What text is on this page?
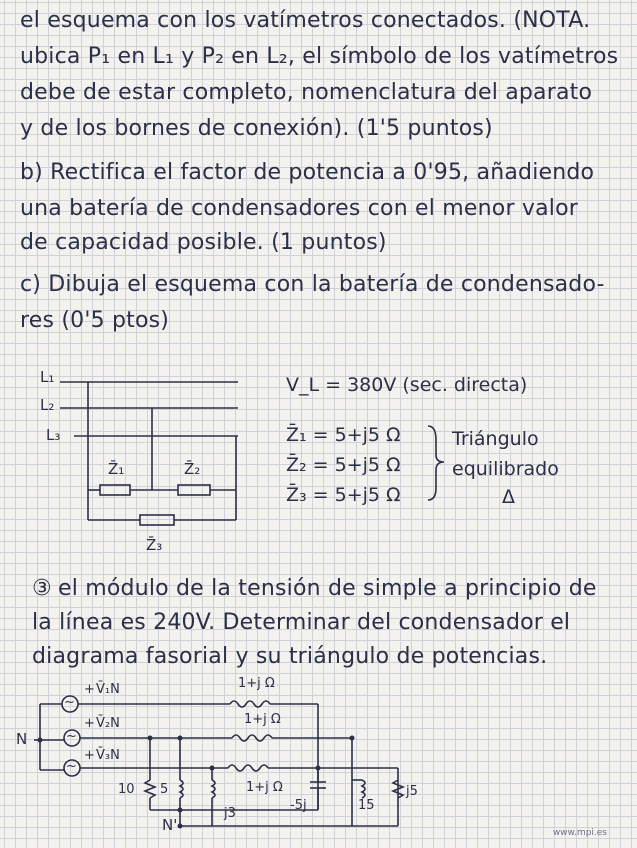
el esquema con los vatímetros conectados. (NOTA.
ubica P₁ en L₁ y P₂ en L₂, el símbolo de los vatímetros
debe de estar completo, nomenclatura del aparato
y de los bornes de conexión). (1'5 puntos)
b) Rectifica el factor de potencia a 0'95, añadiendo
una batería de condensadores con el menor valor
de capacidad posible. (1 puntos)
c) Dibuja el esquema con la batería de condensado-
res (0'5 ptos)
L₁
L₂
L₃
Z̄₁	Z̄₂
Z̄₃
V_L = 380V (sec. directa)
Z̄₁ = 5+j5 Ω
Z̄₂ = 5+j5 Ω
Z̄₃ = 5+j5 Ω
Triángulo
equilibrado
Δ
③ el módulo de la tensión de simple a principio de
la línea es 240V. Determinar del condensador el
diagrama fasorial y su triángulo de potencias.
~
~
~
+
+
+
V̄₁N
V̄₂N
V̄₃N
N
N'
1+j Ω
1+j Ω
1+j Ω
10 5
j3
-5j	15
j5
www.mpi.es
